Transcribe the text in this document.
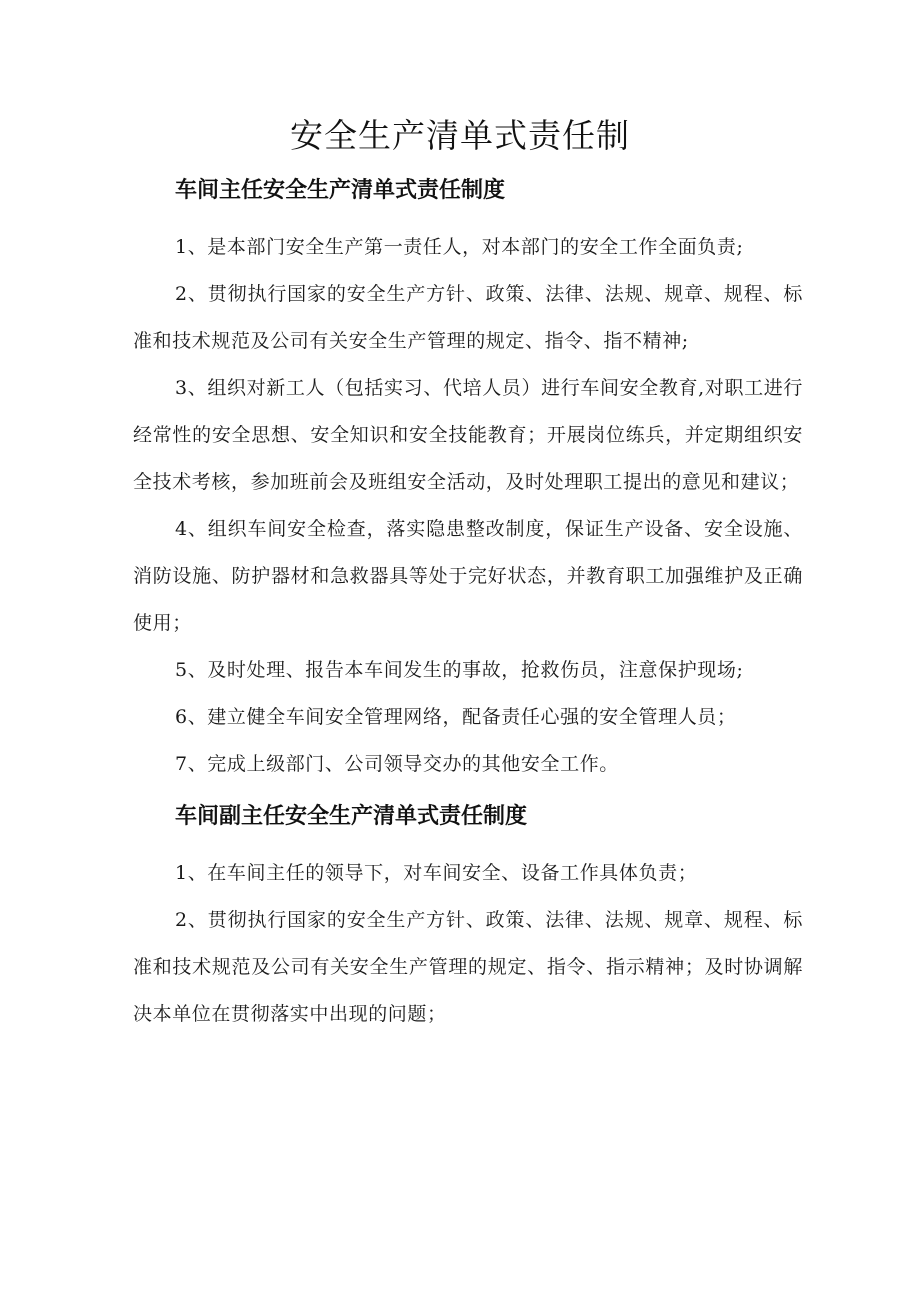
安全生产清单式责任制
车间主任安全生产清单式责任制度

1、是本部门安全生产第一责任人，对本部门的安全工作全面负责;

2、贯彻执行国家的安全生产方针、政策、法律、法规、规章、规程、标准和技术规范及公司有关安全生产管理的规定、指令、指不精神;

3、组织对新工人（包括实习、代培人员）进行车间安全教育,对职工进行经常性的安全思想、安全知识和安全技能教育；开展岗位练兵，并定期组织安全技术考核，参加班前会及班组安全活动，及时处理职工提出的意见和建议；

4、组织车间安全检查，落实隐患整改制度，保证生产设备、安全设施、消防设施、防护器材和急救器具等处于完好状态，并教育职工加强维护及正确使用；

5、及时处理、报告本车间发生的事故，抢救伤员，注意保护现场;

6、建立健全车间安全管理网络，配备责任心强的安全管理人员；

7、完成上级部门、公司领导交办的其他安全工作。

车间副主任安全生产清单式责任制度

1、在车间主任的领导下，对车间安全、设备工作具体负责；

2、贯彻执行国家的安全生产方针、政策、法律、法规、规章、规程、标准和技术规范及公司有关安全生产管理的规定、指令、指示精神；及时协调解决本单位在贯彻落实中出现的问题；
